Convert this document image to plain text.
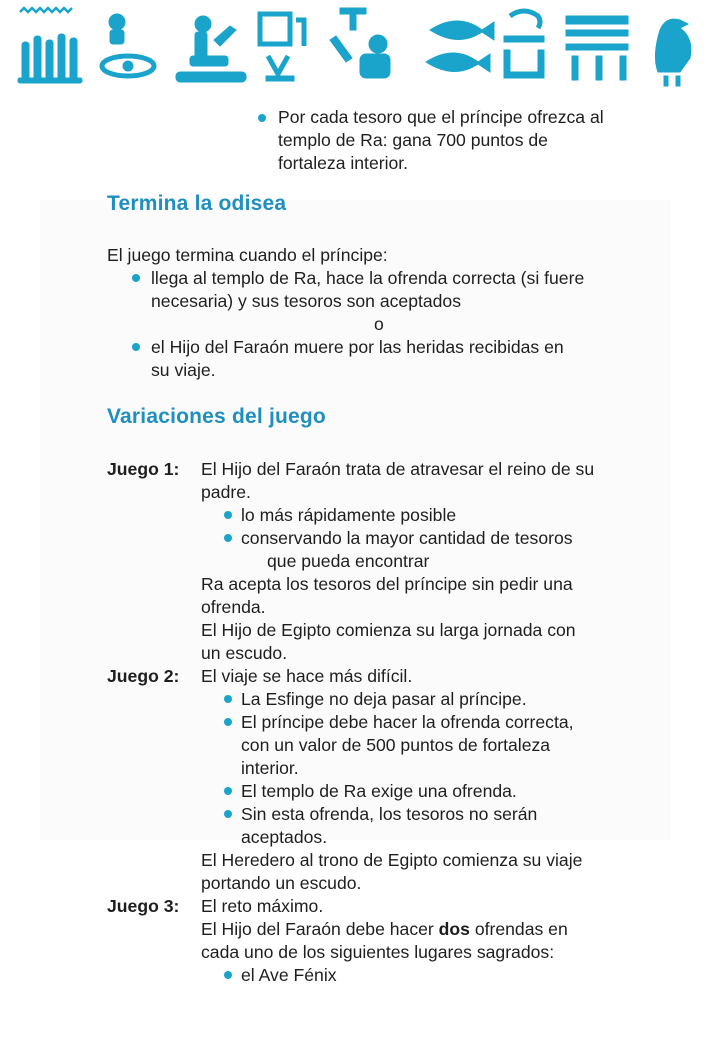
Por cada tesoro que el príncipe ofrezca al
templo de Ra: gana 700 puntos de
fortaleza interior.
Termina la odisea
El juego termina cuando el príncipe:
llega al templo de Ra, hace la ofrenda correcta (si fuere
necesaria) y sus tesoros son aceptados
o
el Hijo del Faraón muere por las heridas recibidas en
su viaje.
Variaciones del juego
Juego 1: El Hijo del Faraón trata de atravesar el reino de su
padre.
lo más rápidamente posible
conservando la mayor cantidad de tesoros
que pueda encontrar
Ra acepta los tesoros del príncipe sin pedir una
ofrenda.
El Hijo de Egipto comienza su larga jornada con
un escudo.
Juego 2: El viaje se hace más difícil.
La Esfinge no deja pasar al príncipe.
El príncipe debe hacer la ofrenda correcta,
con un valor de 500 puntos de fortaleza
interior.
El templo de Ra exige una ofrenda.
Sin esta ofrenda, los tesoros no serán
aceptados.
El Heredero al trono de Egipto comienza su viaje
portando un escudo.
Juego 3: El reto máximo.
El Hijo del Faraón debe hacer dos ofrendas en
cada uno de los siguientes lugares sagrados:
el Ave Fénix
